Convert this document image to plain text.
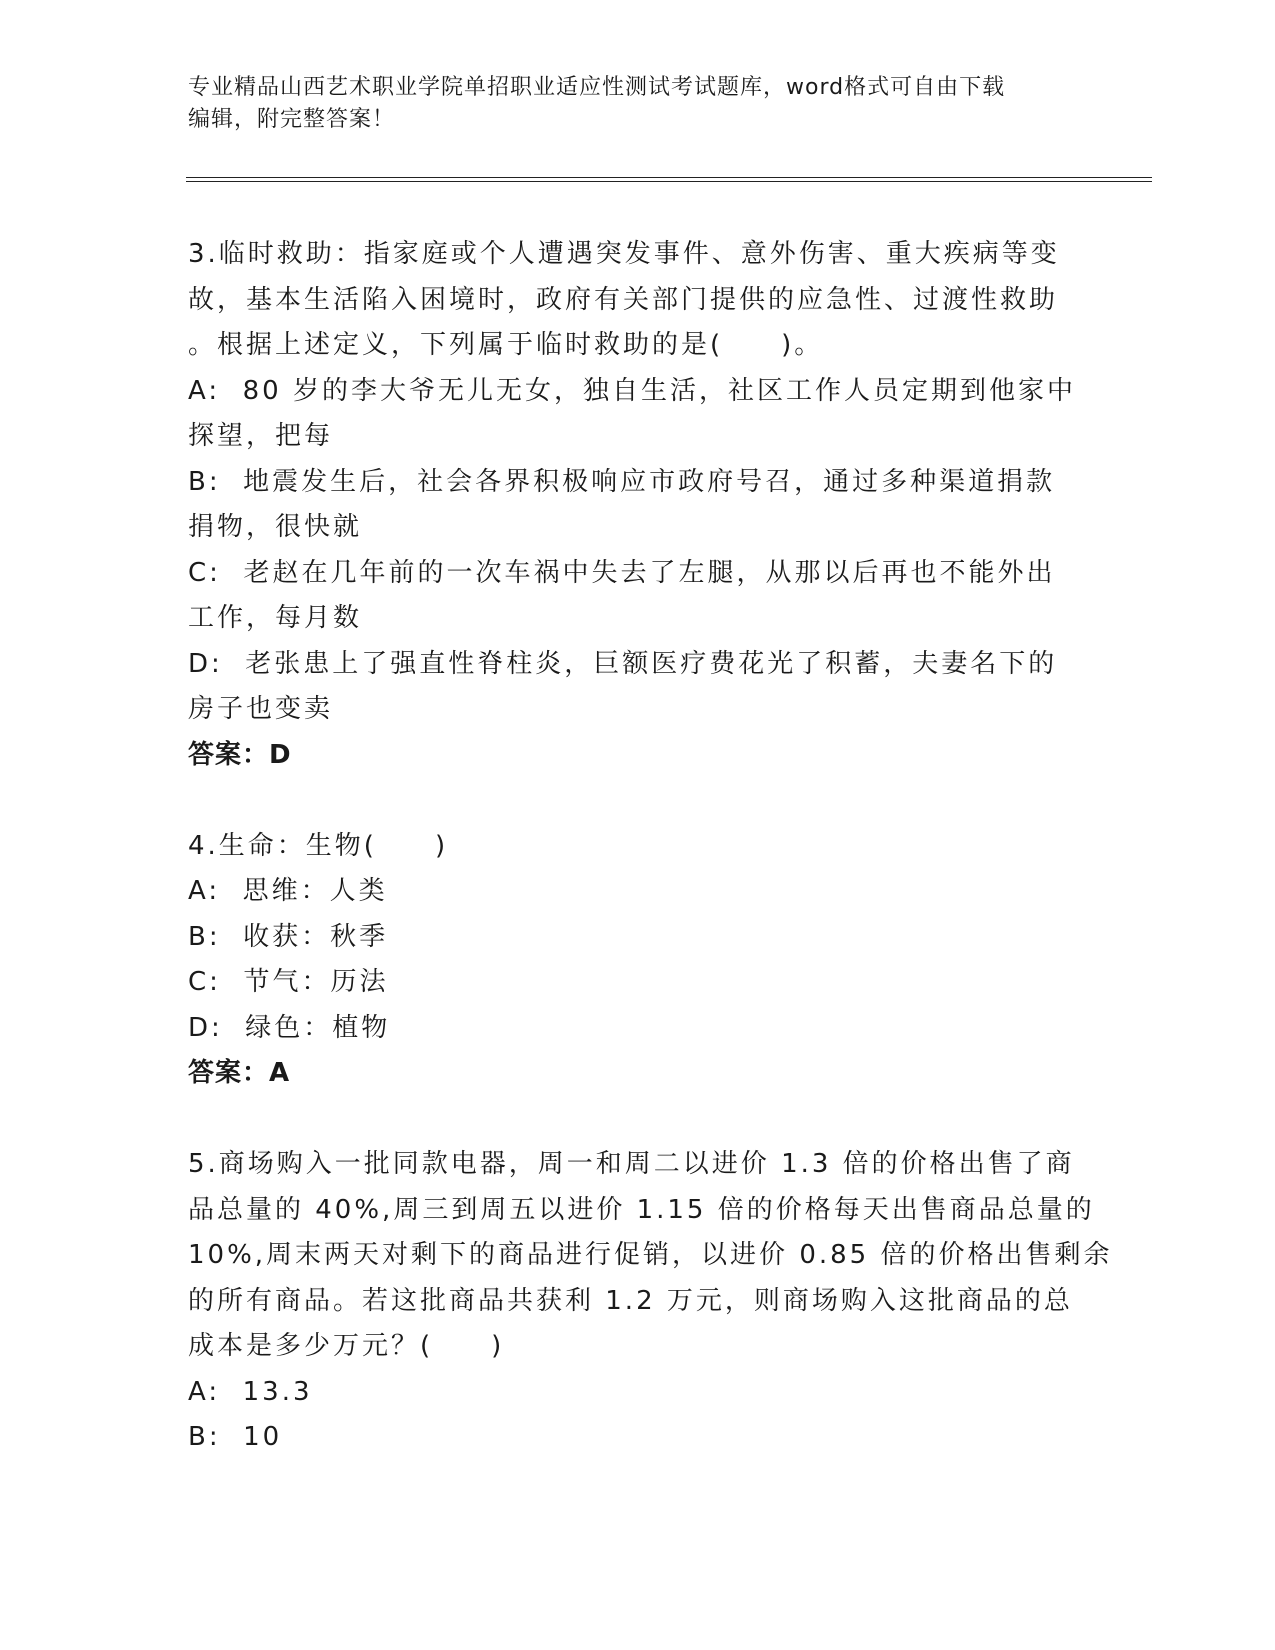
专业精品山西艺术职业学院单招职业适应性测试考试题库，word格式可自由下载
编辑，附完整答案！
3.临时救助：指家庭或个人遭遇突发事件、意外伤害、重大疾病等变
故，基本生活陷入困境时，政府有关部门提供的应急性、过渡性救助
。根据上述定义，下列属于临时救助的是(　　)。
A:  80 岁的李大爷无儿无女，独自生活，社区工作人员定期到他家中
探望，把每
B:  地震发生后，社会各界积极响应市政府号召，通过多种渠道捐款
捐物，很快就
C:  老赵在几年前的一次车祸中失去了左腿，从那以后再也不能外出
工作，每月数
D:  老张患上了强直性脊柱炎，巨额医疗费花光了积蓄，夫妻名下的
房子也变卖
答案：D
4.生命：生物(　　)
A:  思维：人类
B:  收获：秋季
C:  节气：历法
D:  绿色：植物
答案：A
5.商场购入一批同款电器，周一和周二以进价 1.3 倍的价格出售了商
品总量的 40%,周三到周五以进价 1.15 倍的价格每天出售商品总量的
10%,周末两天对剩下的商品进行促销，以进价 0.85 倍的价格出售剩余
的所有商品。若这批商品共获利 1.2 万元，则商场购入这批商品的总
成本是多少万元？(　　)
A:  13.3
B:  10
